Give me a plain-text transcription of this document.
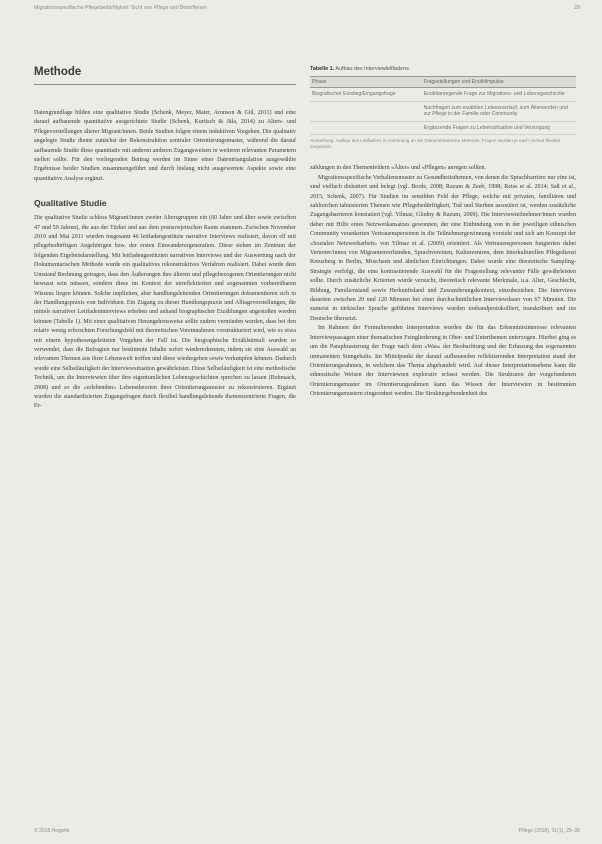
Migrationsspezifische Pflegebedürftigkeit: Sicht von Pflege und Betroffenen	29
Methode

Datengrundlage bilden eine qualitative Studie (Schenk, Meyer, Maier, Aronson & Gül, 2011) und eine darauf aufbauende quantitative ausgerichtete Studie (Schenk, Kurtisch & Jäla, 2014) zu Alters- und Pflegevorstellungen älterer Migrant/innen. Beide Studien folgen einem induktiven Vorgehen. Die qualitativ angelegte Studie diente zunächst der Rekonstruktion zentraler Orientierungsmuster, während die darauf aufbauende Studie diese quantitativ mit anderen anderen Zugangsweisen in weiteren relevanten Parametern stellen sollte. Für den vorliegenden Beitrag werden im Sinne einer Datentriangulation ausgewählte Ergebnisse beider Studien zusammengeführt und durch bislang nicht ausgewertete Aspekte sowie eine quantitative Analyse ergänzt.

Qualitative Studie

Die qualitative Studie schloss Migrant/innen zweier Altersgruppen ein (60 Jahre und älter sowie zwischen 47 und 59 Jahren), die aus der Türkei und aus dem postsowjetischen Raum stammen. Zwischen November 2010 und Mai 2011 wurden insgesamt 46 leitfadengestützte narrative Interviews realisiert, davon elf mit pflegebedürftigen Angehörigen bzw. der ersten Einwanderergeneration. Diese stehen im Zentrum der folgenden Ergebnisdarstellung. Mit leitfadengestützten narrativen Interviews und der Auswertung nach der Dokumentarischen Methode wurde ein qualitatives rekonstruktives Verfahren realisiert. Dabei wurde dem Umstand Rechnung getragen, dass den Äußerungen ihre älteren und pflegebezogenen Orientierungen nicht bewusst sein müssen, sondern diese im Kontext der unreflektierten und sogenannten vorbereitbaren Wissens liegen können. Solche impliziten, aber handlungsleitenden Orientierungen dokumentieren sich in der Handlungspraxis von Individuen. Ein Zugang zu dieser Handlungspraxis und Alltagsvorstellungen, die mittels narrativer Leitfadeninterviews erhoben und anhand biographischer Erzählungen angestoßen werden können (Tabelle 1). Mit einer qualitativen Herangehensweise sollte zudem vermieden werden, dass bei den relativ wenig erforschten Forschungsfeld mit theoretischen Voreinnahmen vorstrukturiert wird, wie es etwa mit einem hypothesengeleiteten Vorgehen der Fall ist. Die biographische Erzählstimuli wurden so verwendet, dass die Befragten nur bestimmte Inhalte sofort wiedererkennen, indem sie eine Auswahl an relevanten Themen aus ihrer Lebenswelt treffen und diese wiedergeben sowie verknüpfen können. Dadurch wurde eine Selbstläufigkeit der Interviewsituation gewährleistet. Diese Selbstläufigkeit ist eine methodische Technik, um die Interviewten über ihre eigentumlichen Lebensgeschichten sprechen zu lassen (Bohnsack, 2008) und so die «erlebenden» Lebenstheorien ihrer Orientierungsmuster zu rekonstruieren. Ergänzt wurden die standardisierten Zugangsfragen durch ​flexibel handlungsleitende themenzentrierte Fragen, die Er-

Tabelle 1. Aufbau des Interviewleitfadens

Phase	Fragestellungen und Erzählimpulse
Biografischer Einstieg/Eingangsfrage	Erzählanregende Frage zur Migrations- und Lebensgeschichte
	Nachfragen zum erzählten Lebensverlauf, zum Älterwerden und zur Pflege in der Familie oder Community
	Ergänzende Fragen zu Lebenssituation und Versorgung

Anmerkung. Aufbau des Leitfadens in Anlehnung an die Dokumentarische Methode; Fragen wurden je nach Verlauf flexibel eingesetzt.

zählungen in den Themenfeldern «Älter» und «Pflegen» anregen sollten.

Migrationsspezifische Verhaltensmuster zu Gesundheitsthemen, von denen die Sprachbarriere nur eine ist, sind vielfach diskutiert und belegt (vgl. Borde, 2008; Razum & Zeeb, 1998; Reiss et al. 2014; Saß et al., 2015; Schenk, 2007). Für Studien im sensiblen Feld der Pflege, welche mit privaten, familiären und zahlreichen tabuisierten Themen wie Pflegebedürftigkeit, Tod und Sterben assoziiert ist, werden zusätzliche Zugangsbarrieren konstatiert (vgl. Yilmaz, Glodny & Razum, 2009). Die Interviewteilnehmer/innen wurden daher mit Hilfe eines Netzwerkansatzes gewonnen, der eine Einbindung von in der jeweiligen ethnischen Community verankerten Vertrauenspersonen in die Teilnehmergewinnung vorsieht und sich am Konzept der «Sozialen Netzwerkarbeit» von Yilmaz et al. (2009) orientiert. Als Vertrauenspersonen fungierten dabei Vertreter/innen von Migrantenverbänden, Sprachvereinen, Kulturzentren, dem Interkulturellen Pflegedienst Kreuzberg in Berlin, Moscheen und ähnlichen Einrichtungen. Dabei wurde eine theoretische Sampling-Strategie verfolgt, die eine kontrastierende Auswahl für die Fragestellung relevanter Fälle gewährleisten sollte. Durch zusätzliche Kriterien wurde versucht, theoretisch relevante Merkmale, u.a. Alter, Geschlecht, Bildung, Familienstand sowie Herkunftsland und Zuwanderungskontext, einzubeziehen. Die Interviews dauerten zwischen 20 und 120 Minuten bei einer durchschnittlichen Interviewdauer von 67 Minuten. Die zumeist in türkischer Sprache geführten Interviews wurden tonbandprotokolliert, transkribiert und ins Deutsche übersetzt.

Im Rahmen der Formulierenden Interpretation wurden die für das Erkenntnisinteresse relevanten Interviewpassagen einer thematischen Feingliederung in Ober- und Unterthemen unterzogen. Hierbei ging es um die Paraphrasierung der Frage nach dem «Was» der Beobachtung und der Erfassung des sogenannten immanenten Sinngehalts. Im Mittelpunkt der darauf aufbauenden reflektierenden Interpretation stand der Orientierungsrahmen, in welchem das Thema abgehandelt wird. Auf dieser Interpretationsebene kann die ethnostische Weisen der Interviewten explorativ erfasst werden. Die Strukturen der vorgefundenen Orientierungsmuster im Orientierungsrahmen kann das Wissen der Interviewten in bestimmten Orientierungsmustern eingeordnet werden. Die Strukturgebundenheit des

© 2018 Hogrefe	Pflege (2018), 31(1), 25–36
